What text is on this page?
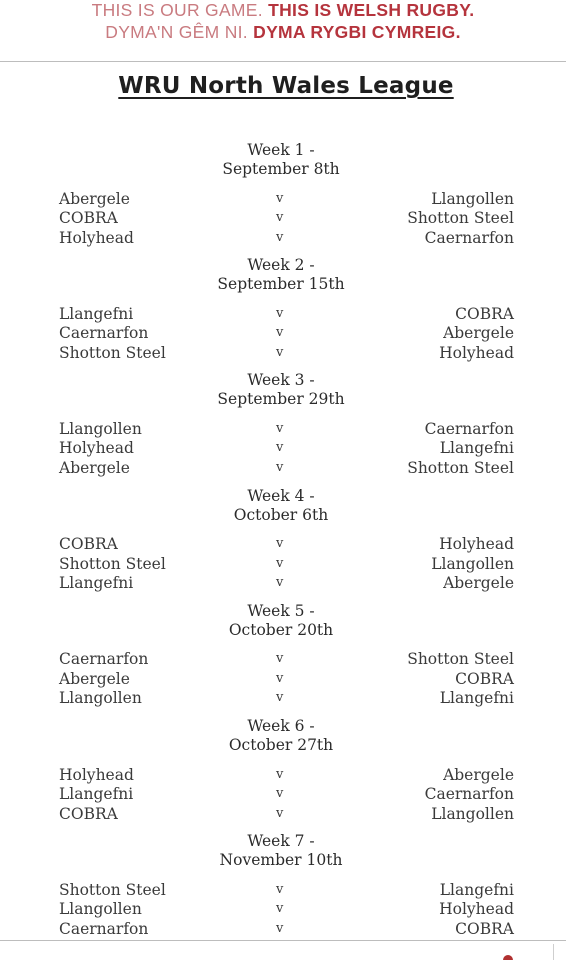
THIS IS OUR GAME. THIS IS WELSH RUGBY.
DYMA'N GÊM NI. DYMA RYGBI CYMREIG.
WRU North Wales League
Week 1 -
September 8th
Abergele	v	Llangollen
COBRA	v	Shotton Steel
Holyhead	v	Caernarfon
Week 2 -
September 15th
Llangefni	v	COBRA
Caernarfon	v	Abergele
Shotton Steel	v	Holyhead
Week 3 -
September 29th
Llangollen	v	Caernarfon
Holyhead	v	Llangefni
Abergele	v	Shotton Steel
Week 4 -
October 6th
COBRA	v	Holyhead
Shotton Steel	v	Llangollen
Llangefni	v	Abergele
Week 5 -
October 20th
Caernarfon	v	Shotton Steel
Abergele	v	COBRA
Llangollen	v	Llangefni
Week 6 -
October 27th
Holyhead	v	Abergele
Llangefni	v	Caernarfon
COBRA	v	Llangollen
Week 7 -
November 10th
Shotton Steel	v	Llangefni
Llangollen	v	Holyhead
Caernarfon	v	COBRA
